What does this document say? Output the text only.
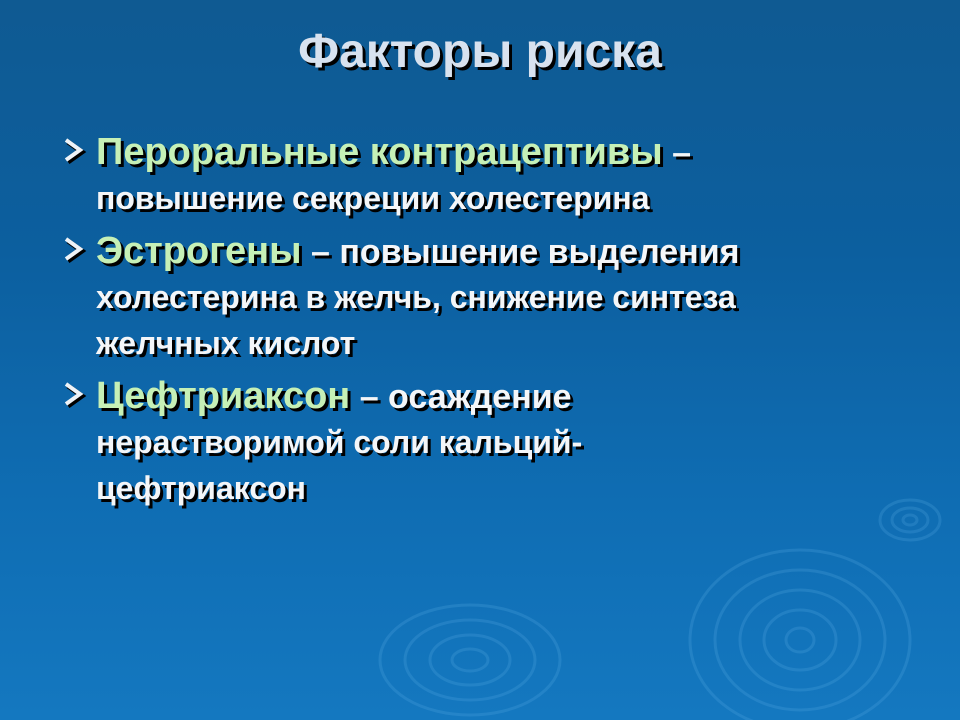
Факторы риска
Пероральные контрацептивы –
повышение секреции холестерина
Эстрогены – повышение выделения
холестерина в желчь, снижение синтеза
желчных кислот
Цефтриаксон – осаждение
нерастворимой соли кальций-
цефтриаксон
